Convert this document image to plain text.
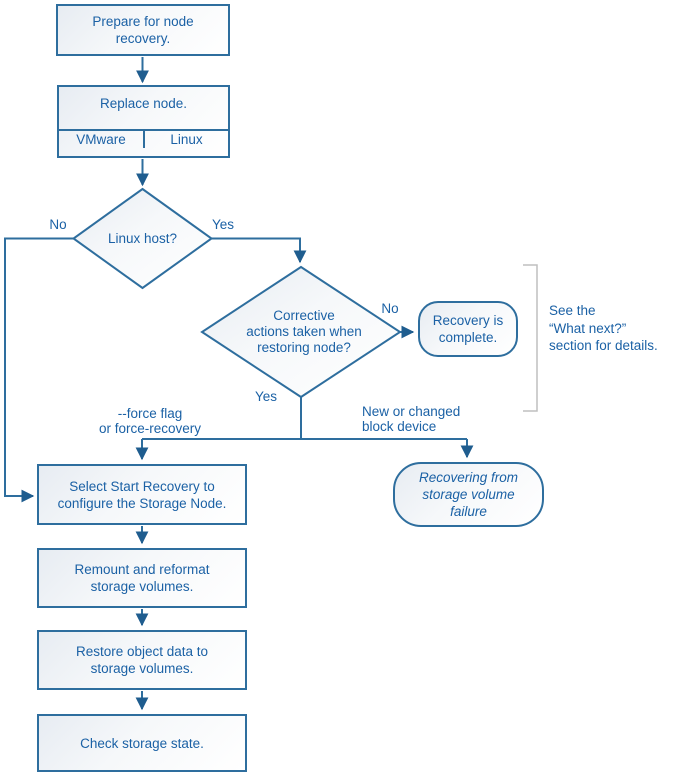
Prepare for node
recovery.
Replace node.
VMware	Linux
Select Start Recovery to
configure the Storage Node.
Remount and reformat
storage volumes.
Restore object data to
storage volumes.
Check storage state.
Recovery is
complete.
Recovering from
storage volume
failure
Linux host?
Corrective
actions taken when
restoring node?
No	Yes
No
Yes
--force flag
or force-recovery
New or changed
block device
See the
“What next?”
section for details.
